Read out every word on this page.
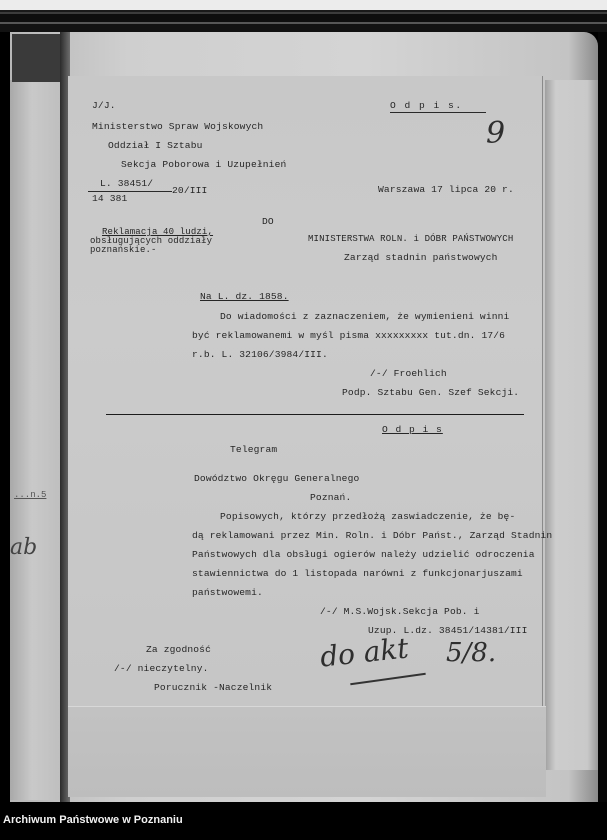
...n.5
ab
J/J.	O d p i s.
9
Ministerstwo Spraw Wojskowych
Oddział I Sztabu
Sekcja Poborowa i Uzupełnień
L. 38451/
20/III
14 381
Warszawa 17 lipca 20 r.
DO
Reklamacja 40 ludzi,
obsługujących oddziały
poznańskie.-
MINISTERSTWA ROLN. i DÓBR PAŃSTWOWYCH
Zarząd stadnin państwowych
Na L. dz. 1858.
Do wiadomości z zaznaczeniem, że wymienieni winni
być reklamowanemi w myśl pisma xxxxxxxxx tut.dn. 17/6
r.b. L. 32106/3984/III.
/-/ Froehlich
Podp. Sztabu Gen. Szef Sekcji.
O d p i s
Telegram
Dowództwo Okręgu Generalnego
Poznań.
Popisowych, którzy przedłożą zaswiadczenie, że bę-
dą reklamowani przez Min. Roln. i Dóbr Państ., Zarząd Stadnin
Państwowych dla obsługi ogierów należy udzielić odroczenia
stawiennictwa do 1 listopada narówni z funkcjonarjuszami
państwowemi.
/-/ M.S.Wojsk.Sekcja Pob. i
Uzup. L.dz. 38451/14381/III
Za zgodność
/-/ nieczytelny.
Porucznik -Naczelnik
do akt 5/8.
Archiwum Państwowe w Poznaniu
